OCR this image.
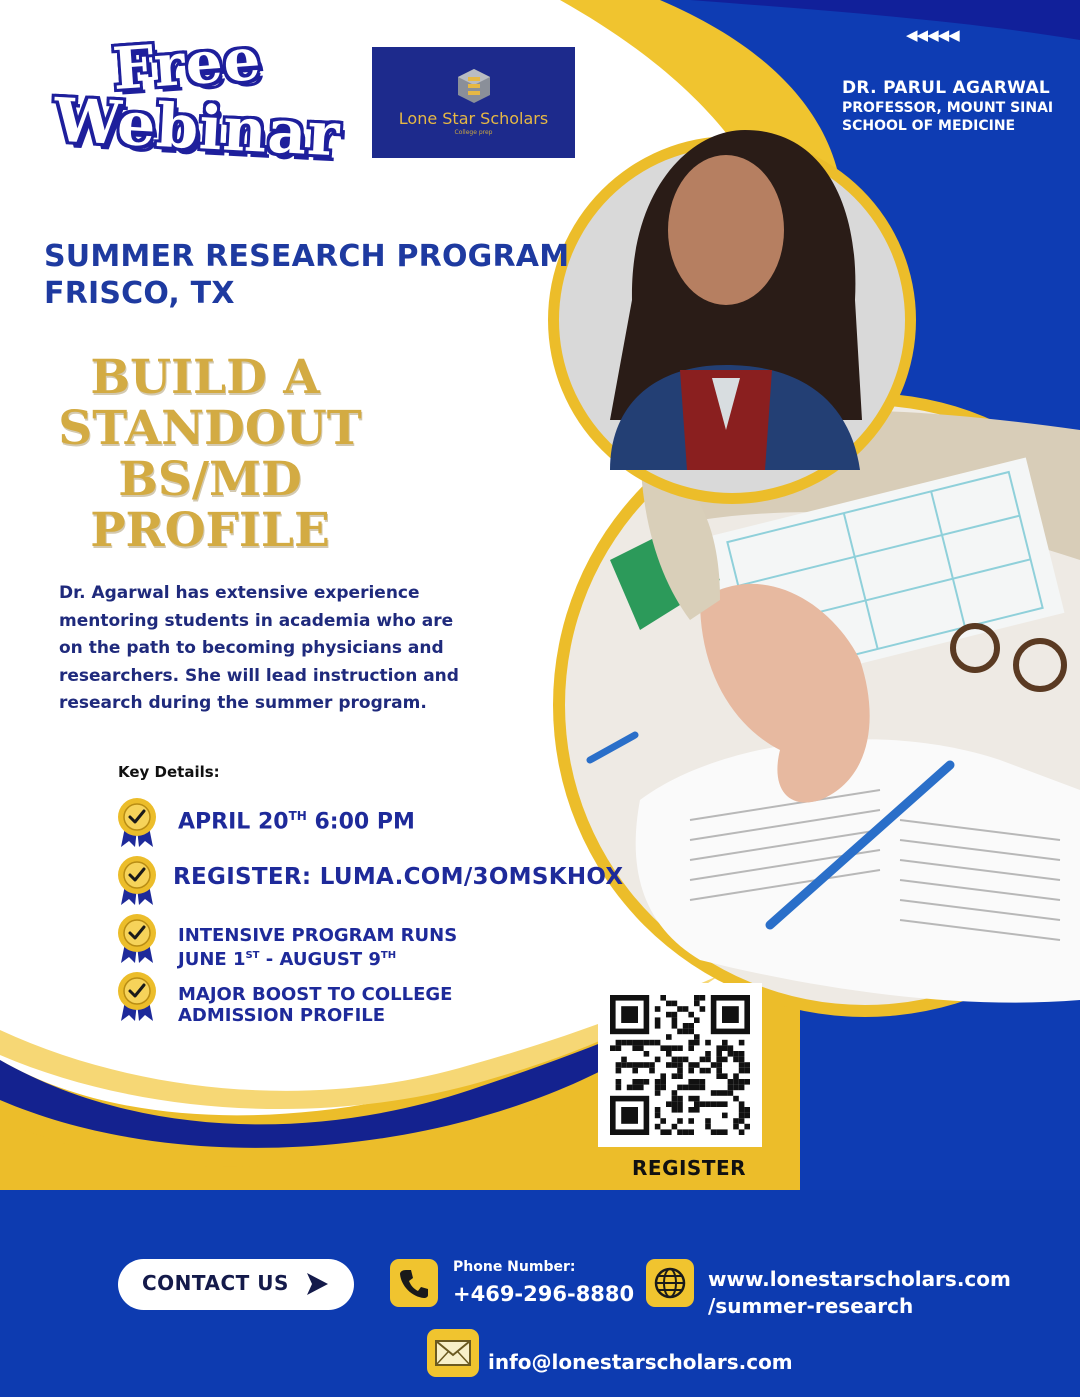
Free
Webinar	Lone Star Scholars
College prep
◀◀◀◀◀
DR. PARUL AGARWAL
PROFESSOR, MOUNT SINAI
SCHOOL OF MEDICINE
SUMMER RESEARCH PROGRAM
FRISCO, TX
BUILD A
STANDOUT
BS/MD
PROFILE
Dr. Agarwal has extensive experience mentoring students in academia who are on the path to becoming physicians and researchers. She will lead instruction and research during the summer program.
Key Details:
APRIL 20TH 6:00 PM
REGISTER: LUMA.COM/3OMSKHOX
INTENSIVE PROGRAM RUNS
JUNE 1ST - AUGUST 9TH
MAJOR BOOST TO COLLEGE
ADMISSION PROFILE
REGISTER
CONTACT US
Phone Number:
+469-296-8880
www.lonestarscholars.com
/summer-research
info@lonestarscholars.com
